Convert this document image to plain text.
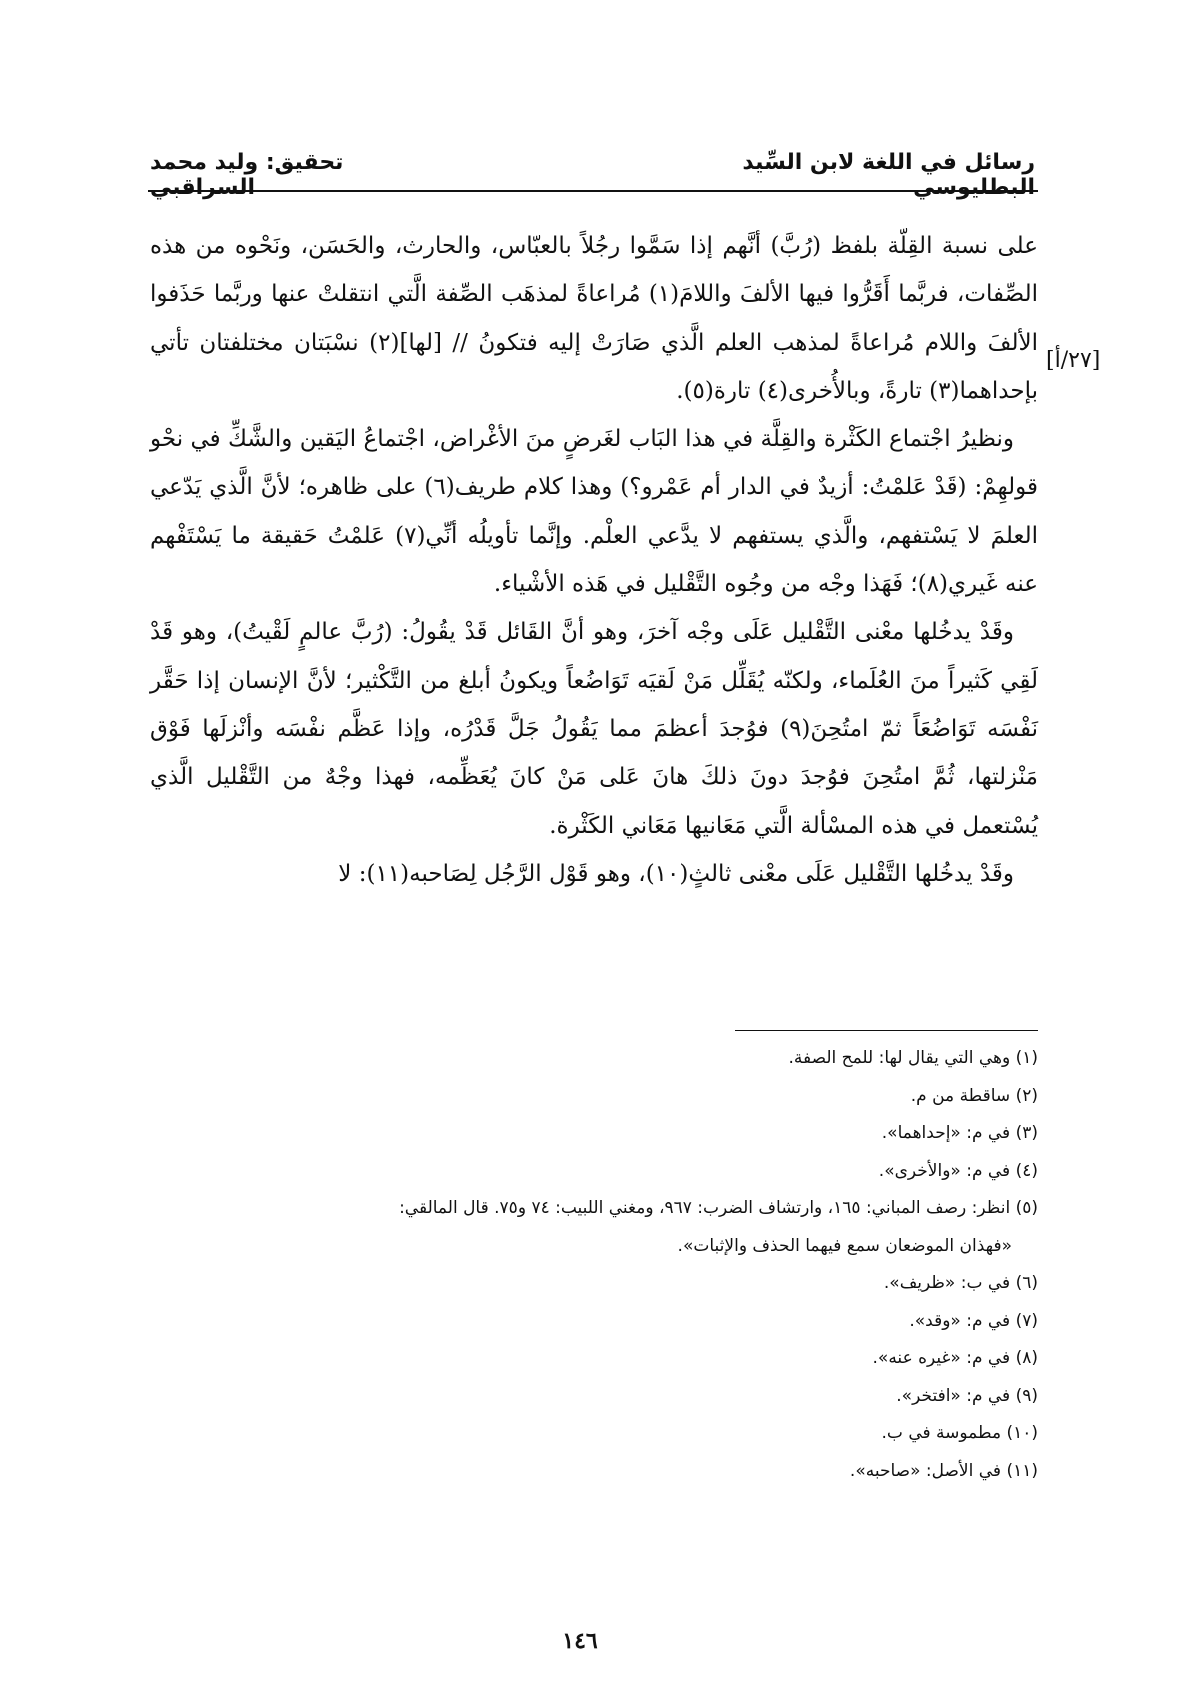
رسائل في اللغة لابن السِّيد البطليوسي
تحقيق: وليد محمد السراقبي
[٢٧/أ]

علی نسبة القِلّة بلفظ (رُبَّ) أنَّهم إذا سَمَّوا رجُلاً بالعبّاس، والحارث، والحَسَن، ونَحْوه من هذه الصِّفات، فربَّما أَقَرُّوا فيها الألفَ واللامَ(١) مُراعاةً لمذهَب الصِّفة الَّتي انتقلتْ عنها وربَّما حَذَفوا الألفَ واللام مُراعاةً لمذهب العلم الَّذي صَارَتْ إليه فتكونُ // [لها](٢) نسْبَتان مختلفتان تأتي بإحداهما(٣) تارةً، وبالأُخرى(٤) تارة(٥).

ونظيرُ اجْتماع الكَثْرة والقِلَّة في هذا البَاب لغَرضٍ منَ الأغْراض، اجْتماعُ اليَقين والشَّكِّ في نحْو قولهِمْ: (قَدْ عَلمْتُ: أزيدٌ في الدار أم عَمْرو؟) وهذا كلام طريف(٦) على ظاهره؛ لأنَّ الَّذي يَدّعي العلمَ لا يَسْتفهم، والَّذي يستفهم لا يدَّعي العلْم. وإنَّما تأويلُه أنِّي(٧) عَلمْتُ حَقيقة ما يَسْتَفْهم عنه غَيري(٨)؛ فَهَذا وجْه من وجُوه التَّقْليل في هَذه الأشْياء.

وقَدْ يدخُلها معْنى التَّقْليل عَلَى وجْه آخرَ، وهو أنَّ القَائل قَدْ يقُولُ: (رُبَّ عالمٍ لَقْيتُ)، وهو قَدْ لَقِي كَثيراً منَ العُلَماء، ولكنّه يُقَلِّل مَنْ لَقيَه تَوَاضُعاً ويكونُ أبلغ من التَّكْثير؛ لأنَّ الإنسان إذا حَقَّر نَفْسَه تَوَاضُعَاً ثمّ امتُحِنَ(٩) فوُجدَ أعظمَ مما يَقُولُ جَلَّ قَدْرُه، وإذا عَظَّم نفْسَه وأنْزلَها فَوْق مَنْزلتها، ثُمَّ امتُحِنَ فوُجدَ دونَ ذلكَ هانَ عَلى مَنْ كانَ يُعَظِّمه، فهذا وجْهٌ من التَّقْليل الَّذي يُسْتعمل في هذه المسْألة الَّتي مَعَانيها مَعَاني الكَثْرة.

وقَدْ يدخُلها التَّقْليل عَلَى معْنى ثالثٍ(١٠)، وهو قَوْل الرَّجُل لِصَاحبه(١١): لا

(١) وهي التي يقال لها: للمح الصفة.
(٢) ساقطة من م.
(٣) في م: «إحداهما».
(٤) في م: «والأخرى».
(٥) انظر: رصف المباني: ١٦٥، وارتشاف الضرب: ٩٦٧، ومغني اللبيب: ٧٤ و٧٥. قال المالقي:
«فهذان الموضعان سمع فيهما الحذف والإثبات».
(٦) في ب: «ظريف».
(٧) في م: «وقد».
(٨) في م: «غيره عنه».
(٩) في م: «افتخر».
(١٠) مطموسة في ب.
(١١) في الأصل: «صاحبه».
١٤٦
